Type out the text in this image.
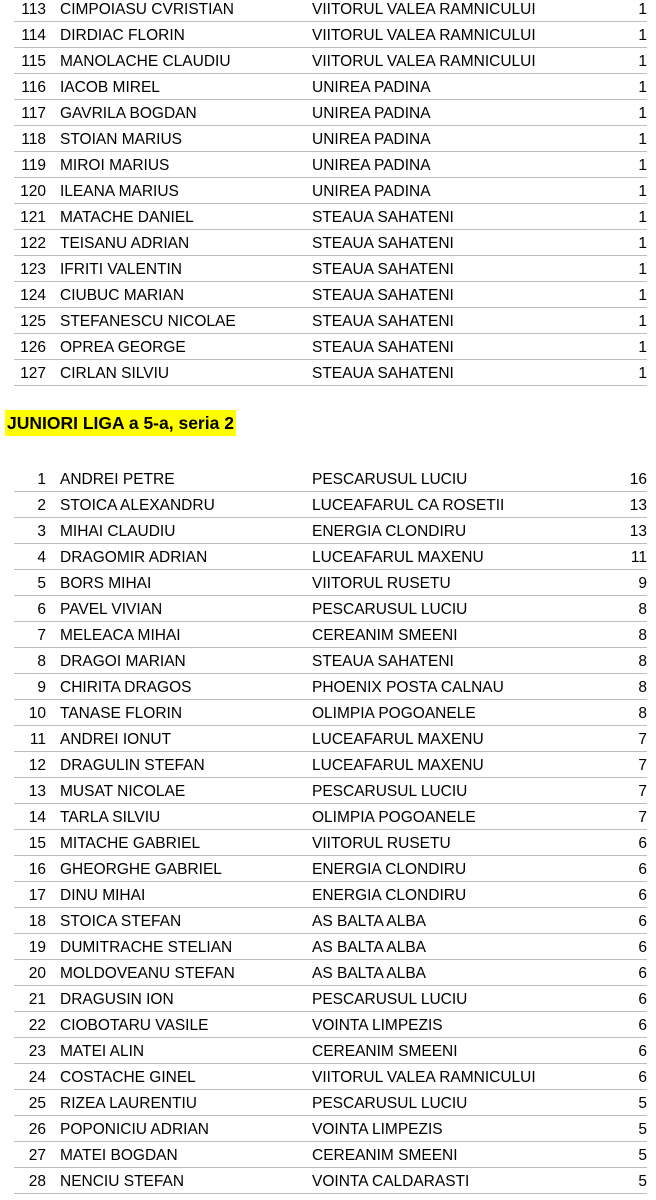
113 CIMPOIASU CVRISTIAN	VIITORUL VALEA RAMNICULUI	1
114 DIRDIAC FLORIN	VIITORUL VALEA RAMNICULUI	1
115 MANOLACHE CLAUDIU	VIITORUL VALEA RAMNICULUI	1
116 IACOB MIREL	UNIREA PADINA	1
117 GAVRILA BOGDAN	UNIREA PADINA	1
118 STOIAN MARIUS	UNIREA PADINA	1
119 MIROI MARIUS	UNIREA PADINA	1
120 ILEANA MARIUS	UNIREA PADINA	1
121 MATACHE DANIEL	STEAUA SAHATENI	1
122 TEISANU ADRIAN	STEAUA SAHATENI	1
123 IFRITI VALENTIN	STEAUA SAHATENI	1
124 CIUBUC MARIAN	STEAUA SAHATENI	1
125 STEFANESCU NICOLAE	STEAUA SAHATENI	1
126 OPREA GEORGE	STEAUA SAHATENI	1
127 CIRLAN SILVIU	STEAUA SAHATENI	1
JUNIORI LIGA a 5-a, seria 2
1 ANDREI PETRE	PESCARUSUL LUCIU	16
2 STOICA ALEXANDRU	LUCEAFARUL CA ROSETII	13
3 MIHAI CLAUDIU	ENERGIA CLONDIRU	13
4 DRAGOMIR ADRIAN	LUCEAFARUL MAXENU	11
5 BORS MIHAI	VIITORUL RUSETU	9
6 PAVEL VIVIAN	PESCARUSUL LUCIU	8
7 MELEACA MIHAI	CEREANIM SMEENI	8
8 DRAGOI MARIAN	STEAUA SAHATENI	8
9 CHIRITA DRAGOS	PHOENIX POSTA CALNAU	8
10 TANASE FLORIN	OLIMPIA POGOANELE	8
11 ANDREI IONUT	LUCEAFARUL MAXENU	7
12 DRAGULIN STEFAN	LUCEAFARUL MAXENU	7
13 MUSAT NICOLAE	PESCARUSUL LUCIU	7
14 TARLA SILVIU	OLIMPIA POGOANELE	7
15 MITACHE GABRIEL	VIITORUL RUSETU	6
16 GHEORGHE GABRIEL	ENERGIA CLONDIRU	6
17 DINU MIHAI	ENERGIA CLONDIRU	6
18 STOICA STEFAN	AS BALTA ALBA	6
19 DUMITRACHE STELIAN	AS BALTA ALBA	6
20 MOLDOVEANU STEFAN	AS BALTA ALBA	6
21 DRAGUSIN ION	PESCARUSUL LUCIU	6
22 CIOBOTARU VASILE	VOINTA LIMPEZIS	6
23 MATEI ALIN	CEREANIM SMEENI	6
24 COSTACHE GINEL	VIITORUL VALEA RAMNICULUI	6
25 RIZEA LAURENTIU	PESCARUSUL LUCIU	5
26 POPONICIU ADRIAN	VOINTA LIMPEZIS	5
27 MATEI BOGDAN	CEREANIM SMEENI	5
28 NENCIU STEFAN	VOINTA CALDARASTI	5
